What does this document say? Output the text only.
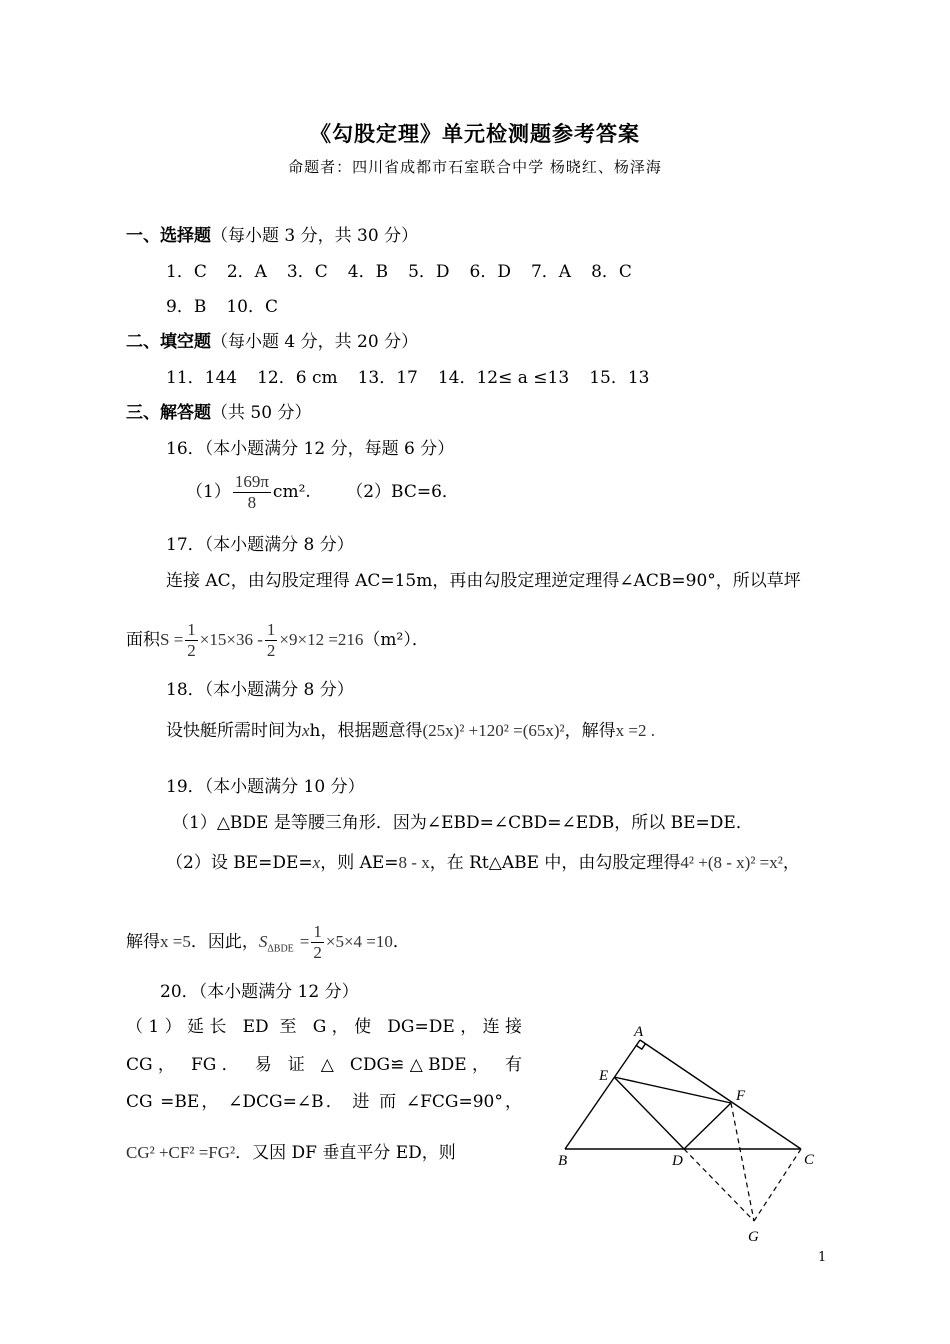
《勾股定理》单元检测题参考答案
命题者：四川省成都市石室联合中学 杨晓红、杨泽海
一、选择题（每小题 3 分，共 30 分）
1．C 2．A 3．C 4．B 5．D 6．D 7．A 8．C
9．B 10．C
二、填空题（每小题 4 分，共 20 分）
11．144 12．6 cm 13．17 14．12≤ a ≤13 15．13
三、解答题（共 50 分）
16．（本小题满分 12 分，每题 6 分）
$(1) \frac{169\pi}{8} cm^2$. （2）BC=6．
17．（本小题满分 8 分）
连接 AC，由勾股定理得 AC=15m，再由勾股定理逆定理得∠ACB=90°，所以草坪
面积$S = \frac{1}{2} \times 15\times 36 - \frac{1}{2} \times 9\times 12 =216(m^2)$．
18．（本小题满分 8 分）
设快艇所需时间为xh，根据题意得(25x)² +120² =(65x)²，解得x =2 .
19．（本小题满分 10 分）
（1）△BDE 是等腰三角形．因为∠EBD=∠CBD=∠EDB，所以 BE=DE．
（2）设 BE=DE=x，则 AE=8 - x，在 Rt△ABE 中，由勾股定理得4² +(8 - x)² =x²，
解得x =5．因此，$S_{\Delta BDE} = \frac{1}{2} \times 5\times 4 =10$．
20．（本小题满分 12 分）
（1）延长 ED 至 G，使 DG=DE，连接
CG， FG． 易 证 △ CDG≌△BDE， 有
CG =BE， ∠DCG=∠B． 进 而 ∠FCG=90°，
CG² +CF² =FG²．又因 DF 垂直平分 ED，则
A
E
F
B	D	C
G
1
